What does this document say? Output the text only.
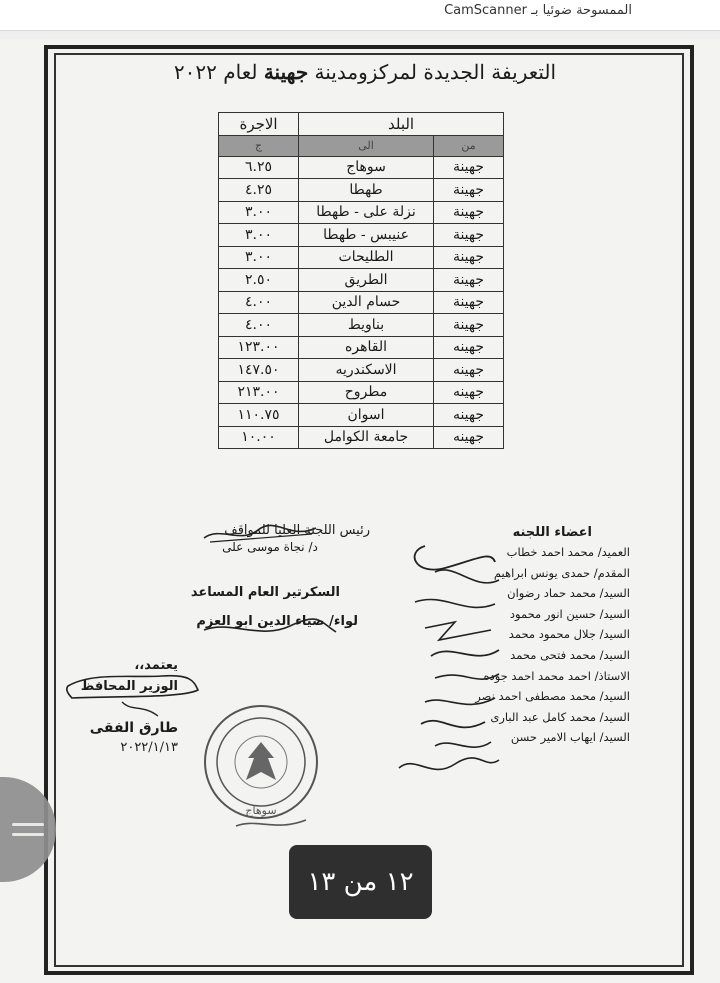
الممسوحة ضوئيا بـ CamScanner
التعريفة الجديدة لمركزومدينة جهينة لعام ٢٠٢٢
البلد		الاجرة
من	الى	ج
جهينة	سوهاج	٦.٢٥
جهينة	طهطا	٤.٢٥
جهينة	نزلة على - طهطا	٣.٠٠
جهينة	عنيبس - طهطا	٣.٠٠
جهينة	الطليحات	٣.٠٠
جهينة	الطريق	٢.٥٠
جهينة	حسام الدين	٤.٠٠
جهينة	بناويط	٤.٠٠
جهينه	القاهره	١٢٣.٠٠
جهينه	الاسكندريه	١٤٧.٥٠
جهينه	مطروح	٢١٣.٠٠
جهينه	اسوان	١١٠.٧٥
جهينه	جامعة الكوامل	١٠.٠٠
رئيس اللجنة العليا للمواقف
د/ نجاة موسى على
السكرتير العام المساعد
لواء/ ضياء الدين ابو العزم
يعتمد،،
الوزير المحافظ
طارق الفقى
٢٠٢٢/١/١٣
سوهاج
اعضاء اللجنه
العميد/ محمد احمد خطاب
المقدم/ حمدى يونس ابراهيم
السيد/ محمد حماد رضوان
السيد/ حسين انور محمود
السيد/ جلال محمود محمد
السيد/ محمد فتحى محمد
الاستاذ/ احمد محمد احمد جوده
السيد/ محمد مصطفى احمد نصر
السيد/ محمد كامل عبد البارى
السيد/ ايهاب الامير حسن
١٢ من ١٣
